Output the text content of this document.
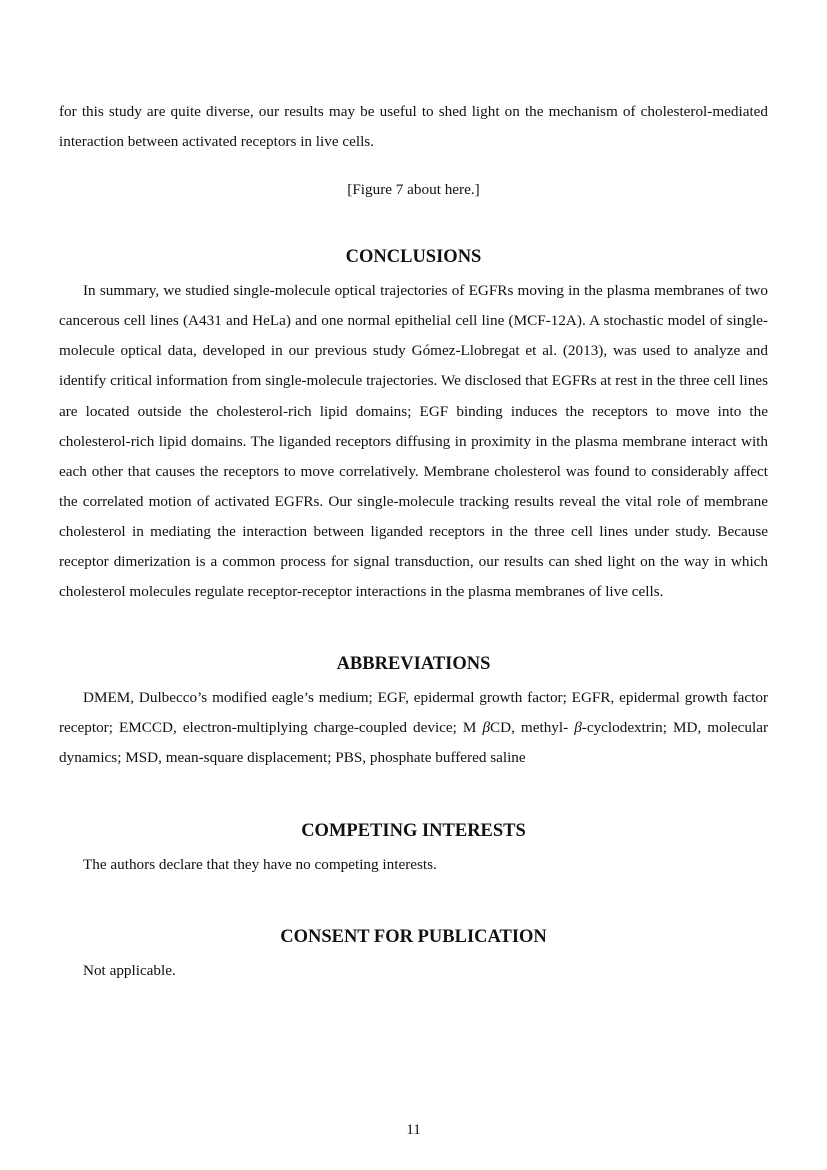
for this study are quite diverse, our results may be useful to shed light on the mechanism of cholesterol-mediated interaction between activated receptors in live cells.

[Figure 7 about here.]
CONCLUSIONS

In summary, we studied single-molecule optical trajectories of EGFRs moving in the plasma membranes of two cancerous cell lines (A431 and HeLa) and one normal epithelial cell line (MCF-12A). A stochastic model of single-molecule optical data, developed in our previous study Gómez-Llobregat et al. (2013), was used to analyze and identify critical information from single-molecule trajectories. We disclosed that EGFRs at rest in the three cell lines are located outside the cholesterol-rich lipid domains; EGF binding induces the receptors to move into the cholesterol-rich lipid domains. The liganded receptors diffusing in proximity in the plasma membrane interact with each other that causes the receptors to move correlatively. Membrane cholesterol was found to considerably affect the correlated motion of activated EGFRs. Our single-molecule tracking results reveal the vital role of membrane cholesterol in mediating the interaction between liganded receptors in the three cell lines under study. Because receptor dimerization is a common process for signal transduction, our results can shed light on the way in which cholesterol molecules regulate receptor-receptor interactions in the plasma membranes of live cells.

ABBREVIATIONS

DMEM, Dulbecco’s modified eagle’s medium; EGF, epidermal growth factor; EGFR, epidermal growth factor receptor; EMCCD, electron-multiplying charge-coupled device; M βCD, methyl- β-cyclodextrin; MD, molecular dynamics; MSD, mean-square displacement; PBS, phosphate buffered saline

COMPETING INTERESTS

The authors declare that they have no competing interests.

CONSENT FOR PUBLICATION

Not applicable.

11
